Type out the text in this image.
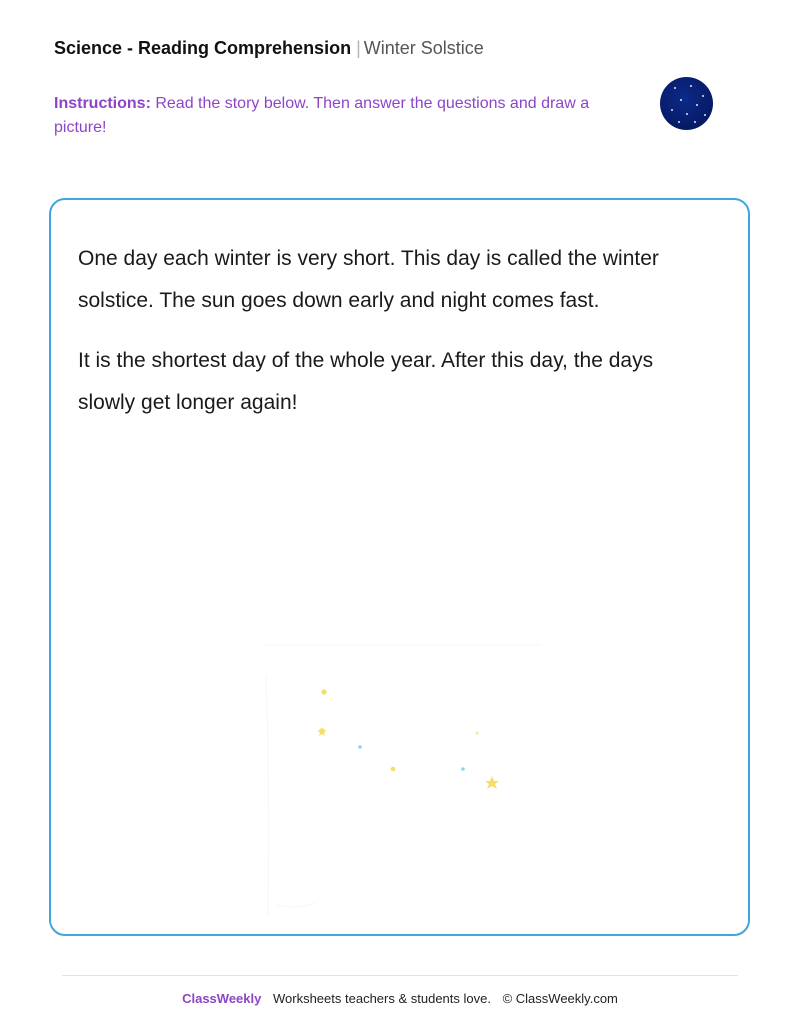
Science - Reading Comprehension | Winter Solstice
Instructions: Read the story below. Then answer the questions and draw a picture!

One day each winter is very short. This day is called the winter solstice. The sun goes down early and night comes fast.

It is the shortest day of the whole year. After this day, the days slowly get longer again!

ClassWeekly Worksheets teachers & students love. © ClassWeekly.com
